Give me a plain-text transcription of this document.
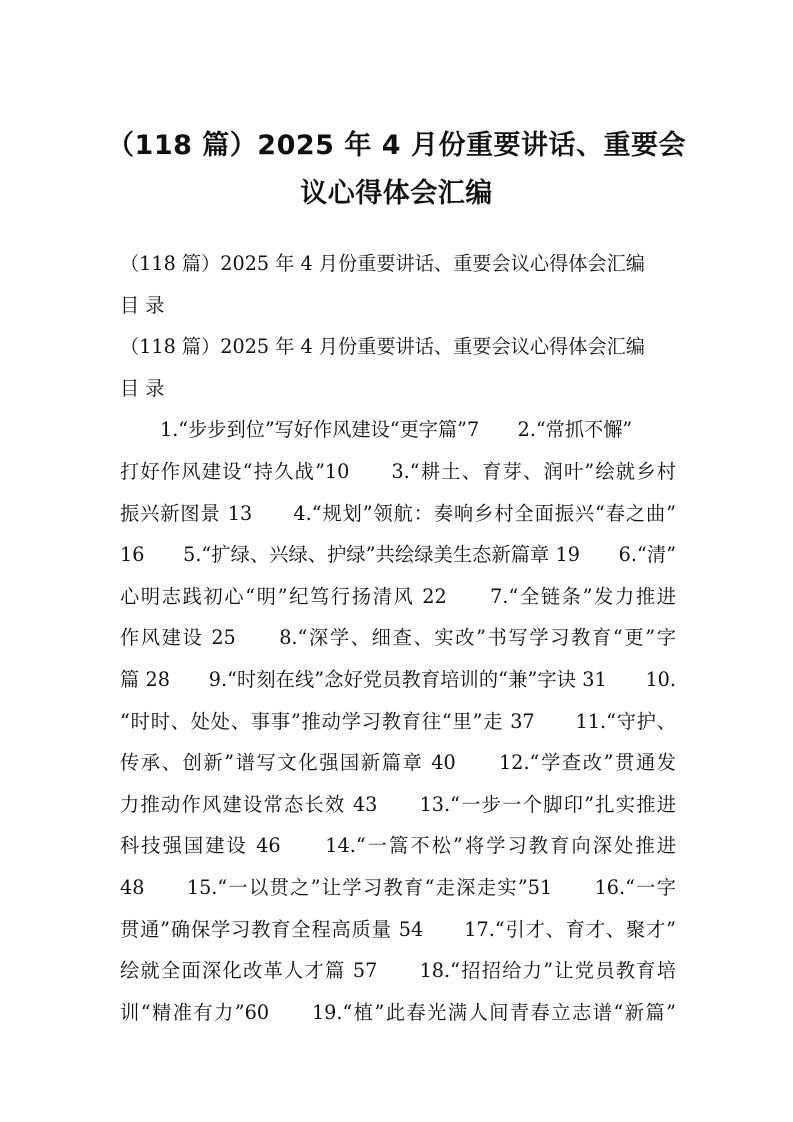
（118 篇）2025 年 4 月份重要讲话、重要会
议心得体会汇编
（118 篇）2025 年 4 月份重要讲话、重要会议心得体会汇编
目 录
（118 篇）2025 年 4 月份重要讲话、重要会议心得体会汇编
目 录
1.“步步到位”写好作风建设“更字篇”7　　2.“常抓不懈”
打好作风建设“持久战”10　　3.“耕土、育芽、润叶”绘就乡村
振兴新图景 13　　4.“规划”领航：奏响乡村全面振兴“春之曲”
16　　5.“扩绿、兴绿、护绿”共绘绿美生态新篇章 19　　6.“清”
心明志践初心“明”纪笃行扬清风 22　　7.“全链条”发力推进
作风建设 25　　8.“深学、细查、实改”书写学习教育“更”字
篇 28　　9.“时刻在线”念好党员教育培训的“兼”字诀 31　　10.
“时时、处处、事事”推动学习教育往“里”走 37　　11.“守护、
传承、创新”谱写文化强国新篇章 40　　12.“学查改”贯通发
力推动作风建设常态长效 43　　13.“一步一个脚印”扎实推进
科技强国建设 46　　14.“一篙不松”将学习教育向深处推进
48　　15.“一以贯之”让学习教育“走深走实”51　　16.“一字
贯通”确保学习教育全程高质量 54　　17.“引才、育才、聚才”
绘就全面深化改革人才篇 57　　18.“招招给力”让党员教育培
训“精准有力”60　　19.“植”此春光满人间青春立志谱“新篇”
